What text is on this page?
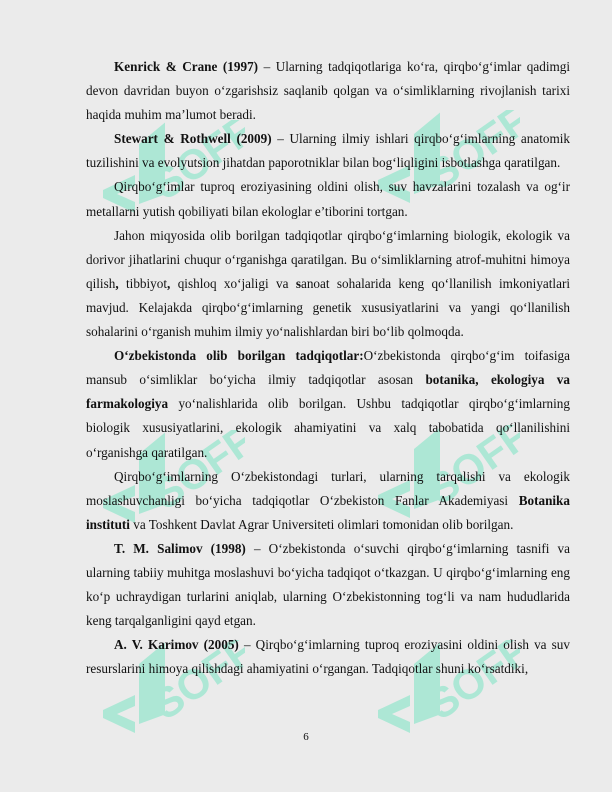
SOFF	SOFF
SOFF	SOFF
SOFF	SOFF

Kenrick & Crane (1997) – Ularning tadqiqotlariga ko‘ra, qirqbo‘g‘imlar qadimgi devon davridan buyon o‘zgarishsiz saqlanib qolgan va o‘simliklarning rivojlanish tarixi haqida muhim ma’lumot beradi.

Stewart & Rothwell (2009) – Ularning ilmiy ishlari qirqbo‘g‘imlarning anatomik tuzilishini va evolyutsion jihatdan paporotniklar bilan bog‘liqligini isbotlashga qaratilgan.

Qirqbo‘g‘imlar tuproq eroziyasining oldini olish, suv havzalarini tozalash va og‘ir metallarni yutish qobiliyati bilan ekologlar e’tiborini tortgan.

Jahon miqyosida olib borilgan tadqiqotlar qirqbo‘g‘imlarning biologik, ekologik va dorivor jihatlarini chuqur o‘rganishga qaratilgan. Bu o‘simliklarning atrof-muhitni himoya qilish, tibbiyot, qishloq xo‘jaligi va sanoat sohalarida keng qo‘llanilish imkoniyatlari mavjud. Kelajakda qirqbo‘g‘imlarning genetik xususiyatlarini va yangi qo‘llanilish sohalarini o‘rganish muhim ilmiy yo‘nalishlardan biri bo‘lib qolmoqda.

O‘zbekistonda olib borilgan tadqiqotlar:O‘zbekistonda qirqbo‘g‘im toifasiga mansub o‘simliklar bo‘yicha ilmiy tadqiqotlar asosan botanika, ekologiya va farmakologiya yo‘nalishlarida olib borilgan. Ushbu tadqiqotlar qirqbo‘g‘imlarning biologik xususiyatlarini, ekologik ahamiyatini va xalq tabobatida qo‘llanilishini o‘rganishga qaratilgan.

Qirqbo‘g‘imlarning O‘zbekistondagi turlari, ularning tarqalishi va ekologik moslashuvchanligi bo‘yicha tadqiqotlar O‘zbekiston Fanlar Akademiyasi Botanika instituti va Toshkent Davlat Agrar Universiteti olimlari tomonidan olib borilgan.

T. M. Salimov (1998) – O‘zbekistonda o‘suvchi qirqbo‘g‘imlarning tasnifi va ularning tabiiy muhitga moslashuvi bo‘yicha tadqiqot o‘tkazgan. U qirqbo‘g‘imlarning eng ko‘p uchraydigan turlarini aniqlab, ularning O‘zbekistonning tog‘li va nam hududlarida keng tarqalganligini qayd etgan.

A. V. Karimov (2005) – Qirqbo‘g‘imlarning tuproq eroziyasini oldini olish va suv resurslarini himoya qilishdagi ahamiyatini o‘rgangan. Tadqiqotlar shuni ko‘rsatdiki,

6
